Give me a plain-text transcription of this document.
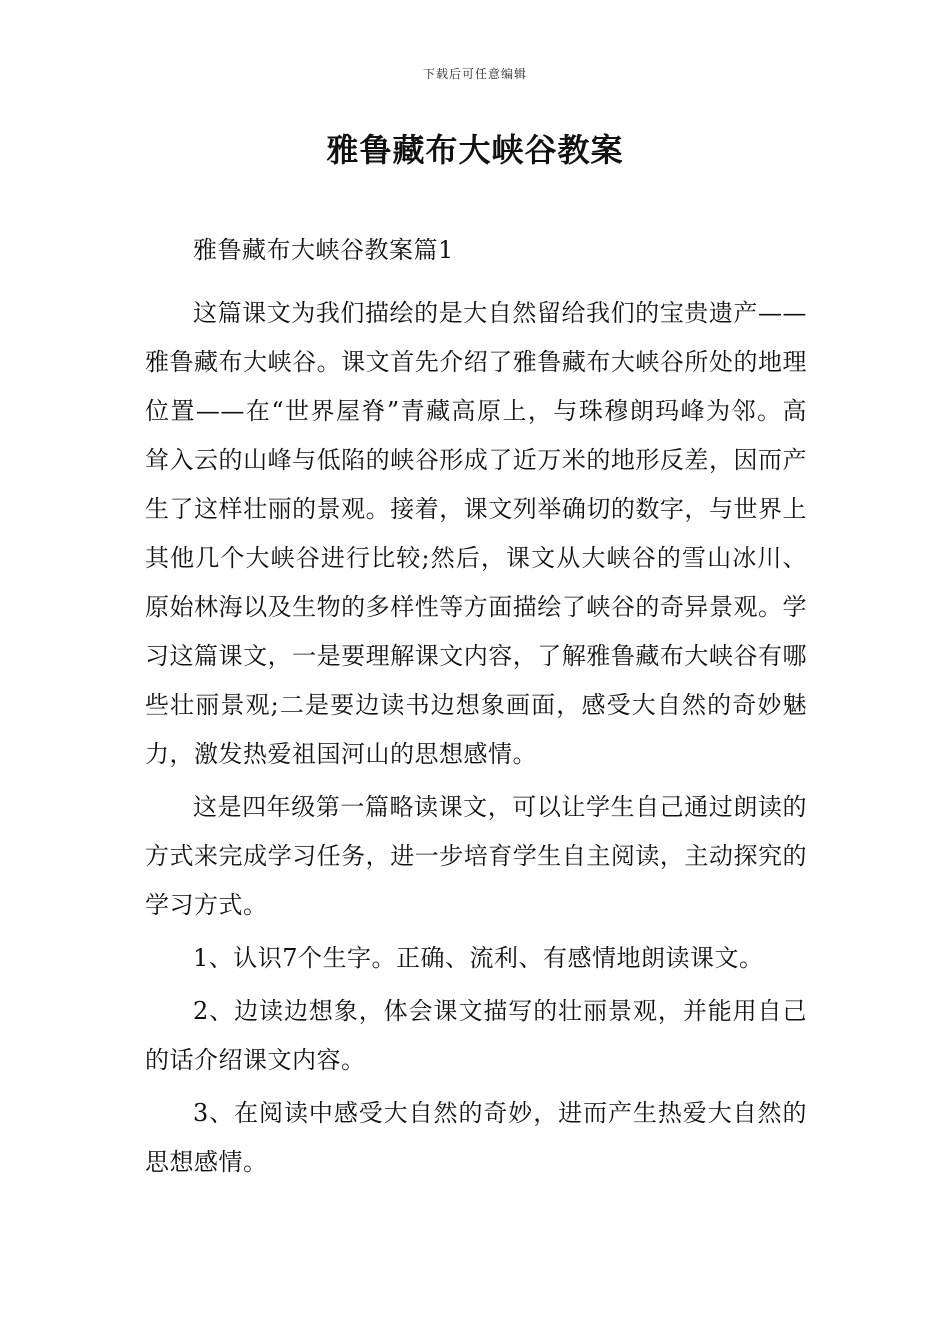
下载后可任意编辑
雅鲁藏布大峡谷教案

雅鲁藏布大峡谷教案篇1

这篇课文为我们描绘的是大自然留给我们的宝贵遗产——雅鲁藏布大峡谷。课文首先介绍了雅鲁藏布大峡谷所处的地理位置——在“世界屋脊”青藏高原上，与珠穆朗玛峰为邻。高耸入云的山峰与低陷的峡谷形成了近万米的地形反差，因而产生了这样壮丽的景观。接着，课文列举确切的数字，与世界上其他几个大峡谷进行比较;然后，课文从大峡谷的雪山冰川、原始林海以及生物的多样性等方面描绘了峡谷的奇异景观。学习这篇课文，一是要理解课文内容，了解雅鲁藏布大峡谷有哪些壮丽景观;二是要边读书边想象画面，感受大自然的奇妙魅力，激发热爱祖国河山的思想感情。

这是四年级第一篇略读课文，可以让学生自己通过朗读的方式来完成学习任务，进一步培育学生自主阅读，主动探究的学习方式。

1、认识7个生字。正确、流利、有感情地朗读课文。

2、边读边想象，体会课文描写的壮丽景观，并能用自己的话介绍课文内容。

3、在阅读中感受大自然的奇妙，进而产生热爱大自然的思想感情。
